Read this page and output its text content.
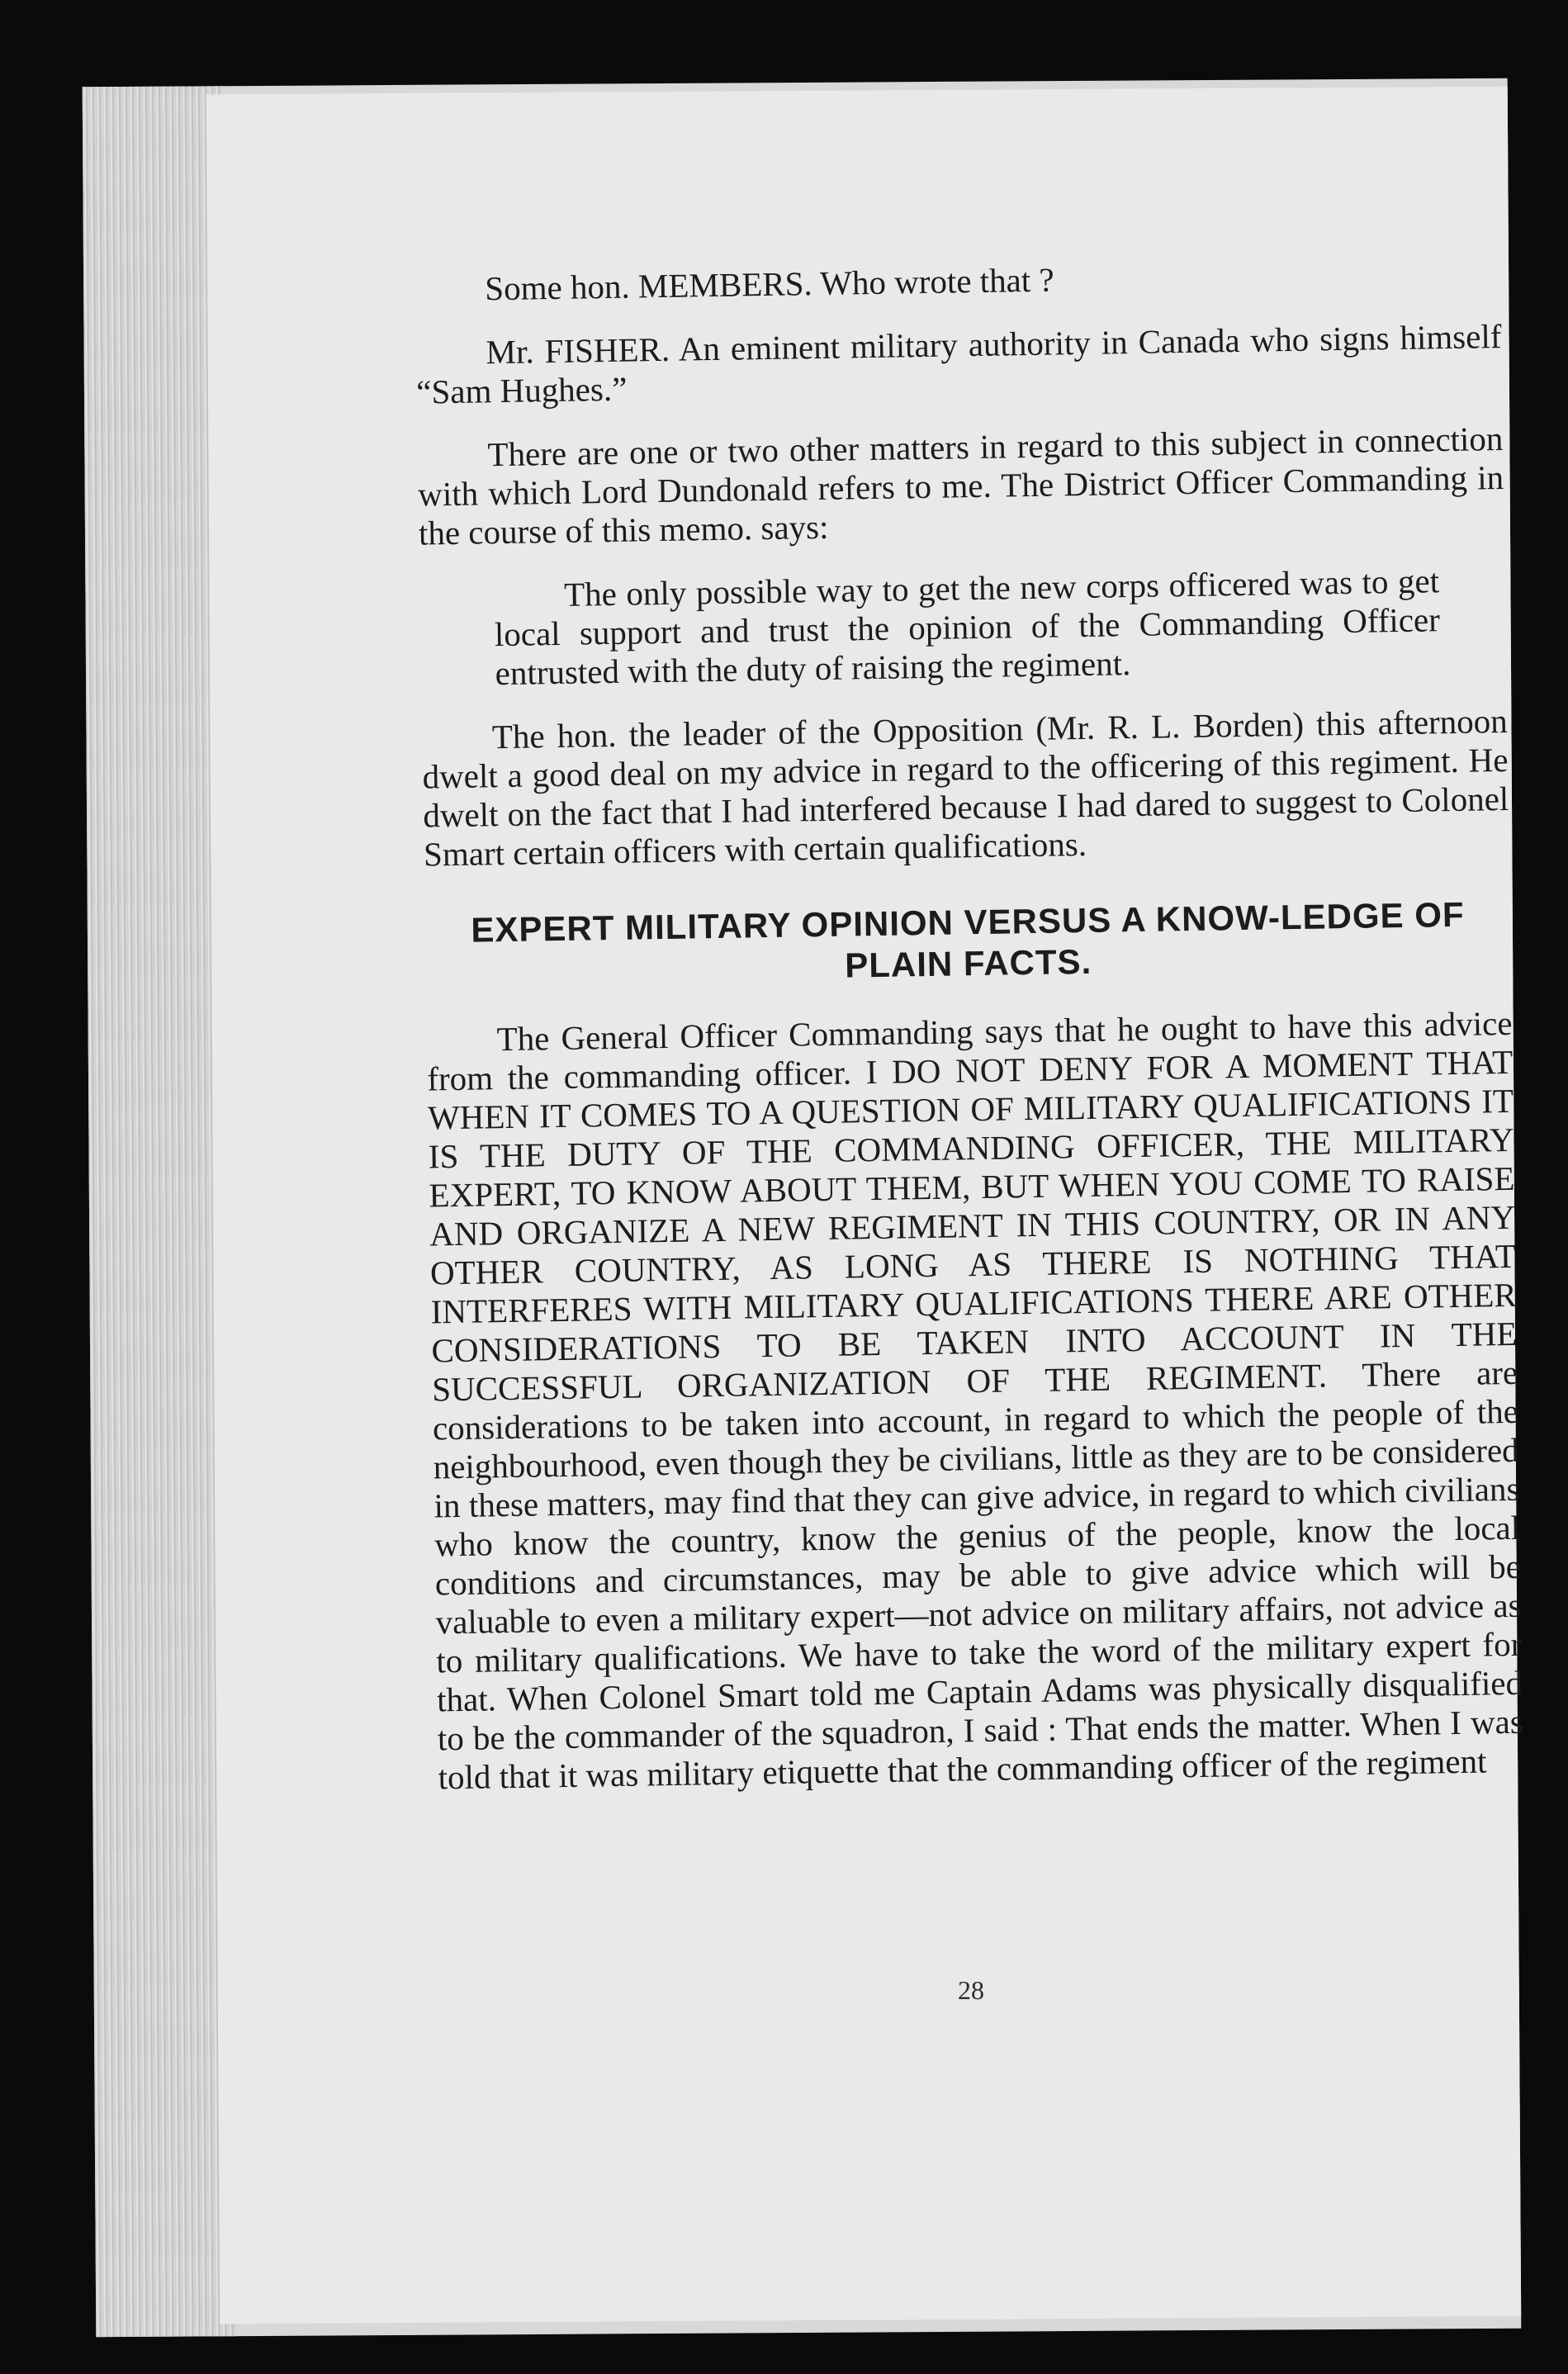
Some hon. MEMBERS. Who wrote that ?

Mr. FISHER. An eminent military authority in Canada who signs himself “Sam Hughes.”

There are one or two other matters in regard to this subject in connection with which Lord Dundonald refers to me. The District Officer Commanding in the course of this memo. says:

The only possible way to get the new corps officered was to get local support and trust the opinion of the Commanding Officer entrusted with the duty of raising the regiment.

The hon. the leader of the Opposition (Mr. R. L. Borden) this afternoon dwelt a good deal on my advice in regard to the officering of this regiment. He dwelt on the fact that I had interfered because I had dared to suggest to Colonel Smart certain officers with certain qualifications.

EXPERT MILITARY OPINION VERSUS A KNOW-LEDGE OF PLAIN FACTS.

The General Officer Commanding says that he ought to have this advice from the commanding officer. I DO NOT DENY FOR A MOMENT THAT WHEN IT COMES TO A QUESTION OF MILITARY QUALIFICATIONS IT IS THE DUTY OF THE COMMANDING OFFICER, THE MILITARY EXPERT, TO KNOW ABOUT THEM, BUT WHEN YOU COME TO RAISE AND ORGANIZE A NEW REGIMENT IN THIS COUNTRY, OR IN ANY OTHER COUNTRY, AS LONG AS THERE IS NOTHING THAT INTERFERES WITH MILITARY QUALIFICATIONS THERE ARE OTHER CONSIDERATIONS TO BE TAKEN INTO ACCOUNT IN THE SUCCESSFUL ORGANIZATION OF THE REGIMENT. There are considerations to be taken into account, in regard to which the people of the neighbourhood, even though they be civilians, little as they are to be considered in these matters, may find that they can give advice, in regard to which civilians who know the country, know the genius of the people, know the local conditions and circumstances, may be able to give advice which will be valuable to even a military expert—not advice on military affairs, not advice as to military qualifications. We have to take the word of the military expert for that. When Colonel Smart told me Captain Adams was physically disqualified to be the commander of the squadron, I said : That ends the matter. When I was told that it was military etiquette that the commanding officer of the regiment

28
